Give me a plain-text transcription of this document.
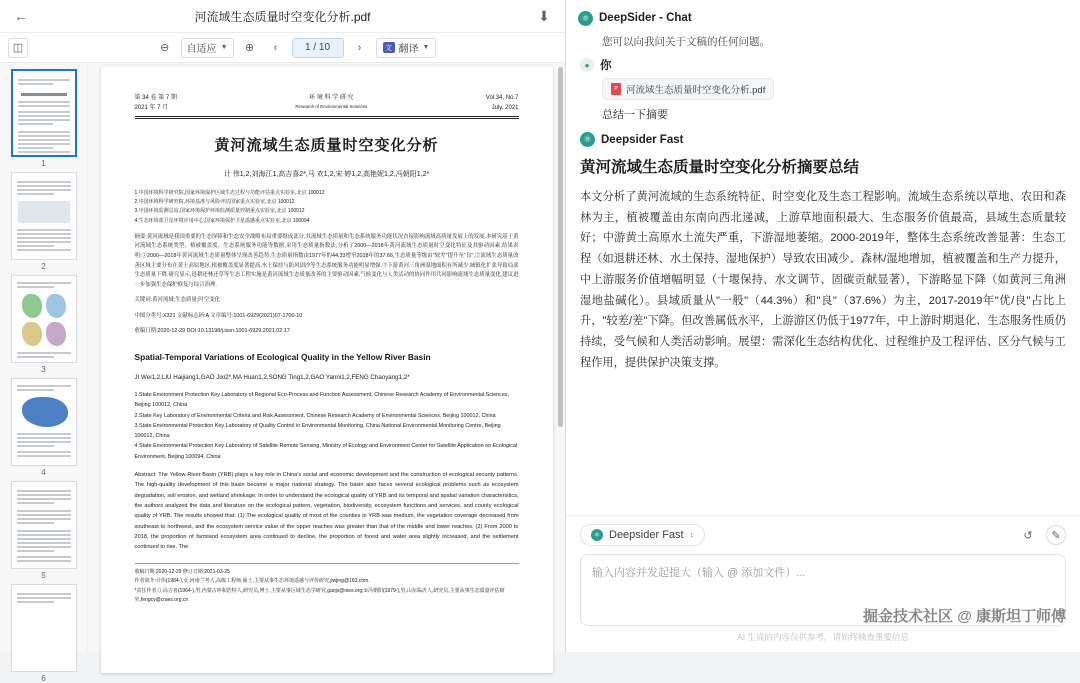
←	河流域生态质量时空变化分析.pdf	⬇
◫	⊖	自适应 ▼	⊕	‹	1 / 10	›	文 翻译 ▼
1
2
3
4
5
6
第 34 卷 第 7 期
2021 年 7 月
环 境 科 学 研 究
Research of Environmental Sciences
Vol.34, No.7
July, 2021
黄河流域生态质量时空变化分析
计 伟1,2,刘海江1,高吉喜2*,马 欢1,2,宋 婷1,2,高艳妮1,2,冯朝阳1,2*
1.中国环境科学研究院,国家环境保护区域生态过程与功能评估重点实验室,北京 100012
2.中国环境科学研究院,环境基准与风险评估国家重点实验室,北京 100012
3.中国环境监测总站,国家环境保护环境监测质量控制重点实验室,北京 100012
4.生态环境部卫星环境应用中心,国家环境保护卫星遥感重点实验室,北京 100094
摘要:黄河流域是我国重要的生态屏障和生态安全战略布局重要组成部分,其流域生态质量和生态系统服务功能状况直接影响流域高质量发展上的发展.本研究基于黄河流域生态系统类型、植被覆盖度、生态系统服务功能等数据,采用生态质量指数法,分析了2000—2018年黄河流域生态质量时空变化特征及其驱动因素.结果表明:①2000—2018年黄河流域生态质量整体呈现改善趋势,生态质量指数由1977年的44.33增至2018年的37.66,生态质量等级由"较差"提升至"良".②流域生态质量改善区域主要分布在黄土高原地区,植被覆盖度显著提高,水土保持与防风固沙等生态系统服务功能明显增强.③下游黄河三角洲湿地面积有所减少,城镇化扩张导致局部生态质量下降.研究显示,退耕还林还草等生态工程实施是黄河流域生态质量改善的主要驱动因素,气候变化与人类活动的协同作用共同影响流域生态质量变化,建议进一步加强生态保护修复与综合治理.
关键词:黄河流域;生态质量;时空变化
中图分类号:X321 文献标志码:A 文章编号:1001-6929(2021)07-1700-10
收稿日期:2020-12-29 DOI:10.13198/j.issn.1001-6929.2021.02.17
Spatial-Temporal Variations of Ecological Quality in the Yellow River Basin
JI Wei1,2,LIU Haijiang1,GAO Jixi2*,MA Huan1,2,SONG Ting1,2,GAO Yanni1,2,FENG Chaoyang1,2*
1.State Environment Protection Key Laboratory of Regional Eco-Process and Function Assessment, Chinese Research Academy of Environmental Sciences, Beijing 100012, China
2.State Key Laboratory of Environmental Criteria and Risk Assessment, Chinese Research Academy of Environmental Sciences, Beijing 100012, China
3.State Environmental Protection Key Laboratory of Quality Control in Environmental Monitoring, China National Environmental Monitoring Centre, Beijing 100012, China
4.State Environmental Protection Key Laboratory of Satellite Remote Sensing, Ministry of Ecology and Environment Center for Satellite Application on Ecological Environment, Beijing 100094, China
Abstract: The Yellow River Basin (YRB) plays a key role in China's social and economic development and the construction of ecological security patterns. The high-quality development of this basin became a major national strategy. The basin also faces several ecological problems such as ecosystem degradation, soil erosion, and wetland shrinkage. In order to understand the ecological quality of YRB and its temporal and spatial variation characteristics, the authors analyzed the data and literature on the ecological pattern, vegetation, biodiversity, ecosystem functions and services, and county ecological quality of YRB. The results showed that: (1) The ecological quality of most of the counties in YRB was medium, the vegetation coverage decreased from southeast to northwest, and the ecosystem service value of the upper reaches was greater than that of the middle and lower reaches. (2) From 2000 to 2018, the proportion of farmland ecosystem area continued to decline, the proportion of forest and water area slightly increased, and the settlement continued to rise. The
收稿日期:2020-12-29 修订日期:2021-03-25
作者简介:计伟(1984-),女,河南兰考人,高级工程师,硕士,主要从事生态环境遥感与评价研究,jiwjing@163.com.
*责任作者:①高吉喜(1964-),男,内蒙古呼和浩特人,研究员,博士,主要从事区域生态学研究,gaojx@nies.org;②冯朝阳(1979-),男,山东临沂人,研究员,主要从事生态质量评估研究,fengcy@craes.org.cn
⚛ DeepSider - Chat
您可以向我问关于文稿的任何问题。
● 你
P 河流域生态质量时空变化分析.pdf
总结一下摘要
⚛ Deepsider Fast
黄河流域生态质量时空变化分析摘要总结
本文分析了黄河流域的生态系统特征、时空变化及生态工程影响。流域生态系统以草地、农田和森林为主，植被覆盖由东南向西北递减，上游草地面积最大、生态服务价值最高，县域生态质量较好；中游黄土高原水土流失严重，下游湿地萎缩。2000-2019年，整体生态系统改善显著：生态工程（如退耕还林、水土保持、湿地保护）导致农田减少、森林/湿地增加，植被覆盖和生产力提升，中上游服务价值增幅明显（十堰保持、水文调节、固碳贡献显著），下游略显下降（如黄河三角洲湿地盐碱化）。县域质量从"一般"（44.3%）和"良"（37.6%）为主，2017-2019年"优/良"占比上升，"较差/差"下降。但改善属低水平，上游游区仍低于1977年，中上游时期退化、生态服务性质仍持续，受气候和人类活动影响。展望：需深化生态结构优化、过程维护及工程评估、区分气候与工程作用，提供保护决策支撑。
⚛ Deepsider Fast ↕	↺	✎
输入内容并发起提大（输入 @ 添加文件）...
AI 生成的内容仅供参考，请始终核查重要信息
掘金技术社区 @ 康斯坦丁师傅
